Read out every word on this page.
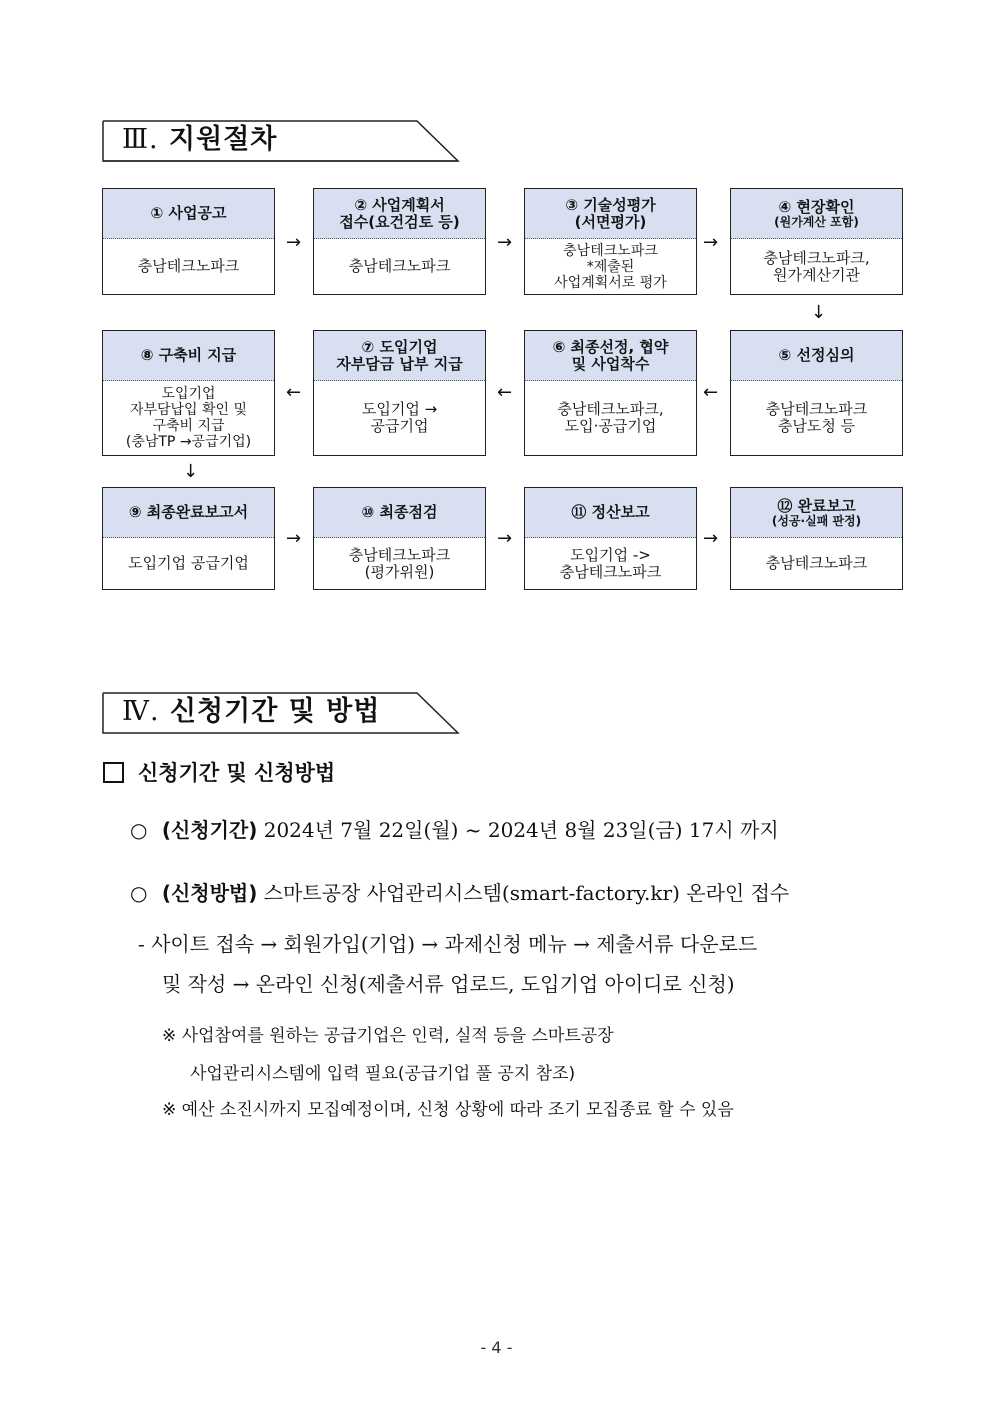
Ⅲ. 지원절차
① 사업공고
충남테크노파크
② 사업계획서
접수(요건검토 등)
충남테크노파크
③ 기술성평가
(서면평가)
충남테크노파크
*제출된
사업계획서로 평가
④ 현장확인
(원가계산 포함)
충남테크노파크,
원가계산기관
⑧ 구축비 지급
도입기업
자부담납입 확인 및
구축비 지급
(충남TP →공급기업)
⑦ 도입기업
자부담금 납부 지급
도입기업 →
공급기업
⑥ 최종선정, 협약
및 사업착수
충남테크노파크,
도입·공급기업
⑤ 선정심의
충남테크노파크
충남도청 등
⑨ 최종완료보고서
도입기업 공급기업
⑩ 최종점검
충남테크노파크
(평가위원)
⑪ 정산보고
도입기업 ->
충남테크노파크
⑫ 완료보고
(성공·실패 판정)
충남테크노파크
→	→	→
↓
←
←
←
↓
→	→	→
Ⅳ. 신청기간 및 방법
신청기간 및 신청방법
○ (신청기간) 2024년 7월 22일(월) ~ 2024년 8월 23일(금) 17시 까지
○ (신청방법) 스마트공장 사업관리시스템(smart-factory.kr) 온라인 접수
- 사이트 접속 → 회원가입(기업) → 과제신청 메뉴 → 제출서류 다운로드
및 작성 → 온라인 신청(제출서류 업로드, 도입기업 아이디로 신청)
※ 사업참여를 원하는 공급기업은 인력, 실적 등을 스마트공장
사업관리시스템에 입력 필요(공급기업 풀 공지 참조)
※ 예산 소진시까지 모집예정이며, 신청 상황에 따라 조기 모집종료 할 수 있음
- 4 -
